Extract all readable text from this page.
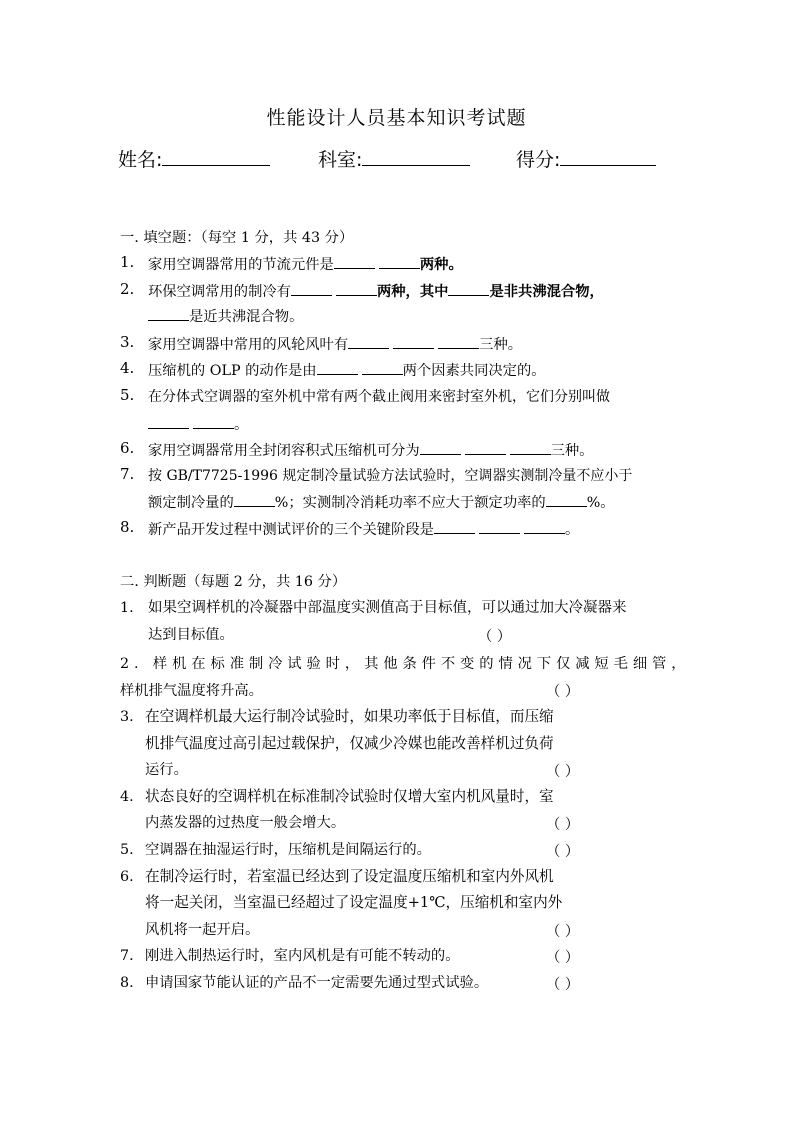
性能设计人员基本知识考试题
姓名:	科室:	得分:
一. 填空题：（每空 1 分，共 43 分）
1. 家用空调器常用的节流元件是	两种。
2. 环保空调常用的制冷有	两种，其中	是非共沸混合物，
是近共沸混合物。
3. 家用空调器中常用的风轮风叶有	三种。
4. 压缩机的 OLP 的动作是由	两个因素共同决定的。
5. 在分体式空调器的室外机中常有两个截止阀用来密封室外机，它们分别叫做
。
6. 家用空调器常用全封闭容积式压缩机可分为	三种。
7. 按 GB/T7725-1996 规定制冷量试验方法试验时，空调器实测制冷量不应小于
额定制冷量的	%；实测制冷消耗功率不应大于额定功率的	%。
8. 新产品开发过程中测试评价的三个关键阶段是	。
二. 判断题（每题 2 分，共 16 分）
1. 如果空调样机的冷凝器中部温度实测值高于目标值，可以通过加大冷凝器来
达到目标值。	（ ）
2. 样机在标准制冷试验时，其他条件不变的情况下仅减短毛细管，
样机排气温度将升高。	（ ）
3. 在空调样机最大运行制冷试验时，如果功率低于目标值，而压缩
机排气温度过高引起过载保护，仅减少冷媒也能改善样机过负荷
运行。	（ ）
4. 状态良好的空调样机在标准制冷试验时仅增大室内机风量时，室
内蒸发器的过热度一般会增大。	（ ）
5. 空调器在抽湿运行时，压缩机是间隔运行的。	（ ）
6. 在制冷运行时，若室温已经达到了设定温度压缩机和室内外风机
将一起关闭，当室温已经超过了设定温度+1℃，压缩机和室内外
风机将一起开启。	（ ）
7. 刚进入制热运行时，室内风机是有可能不转动的。	（ ）
8. 申请国家节能认证的产品不一定需要先通过型式试验。	（ ）
